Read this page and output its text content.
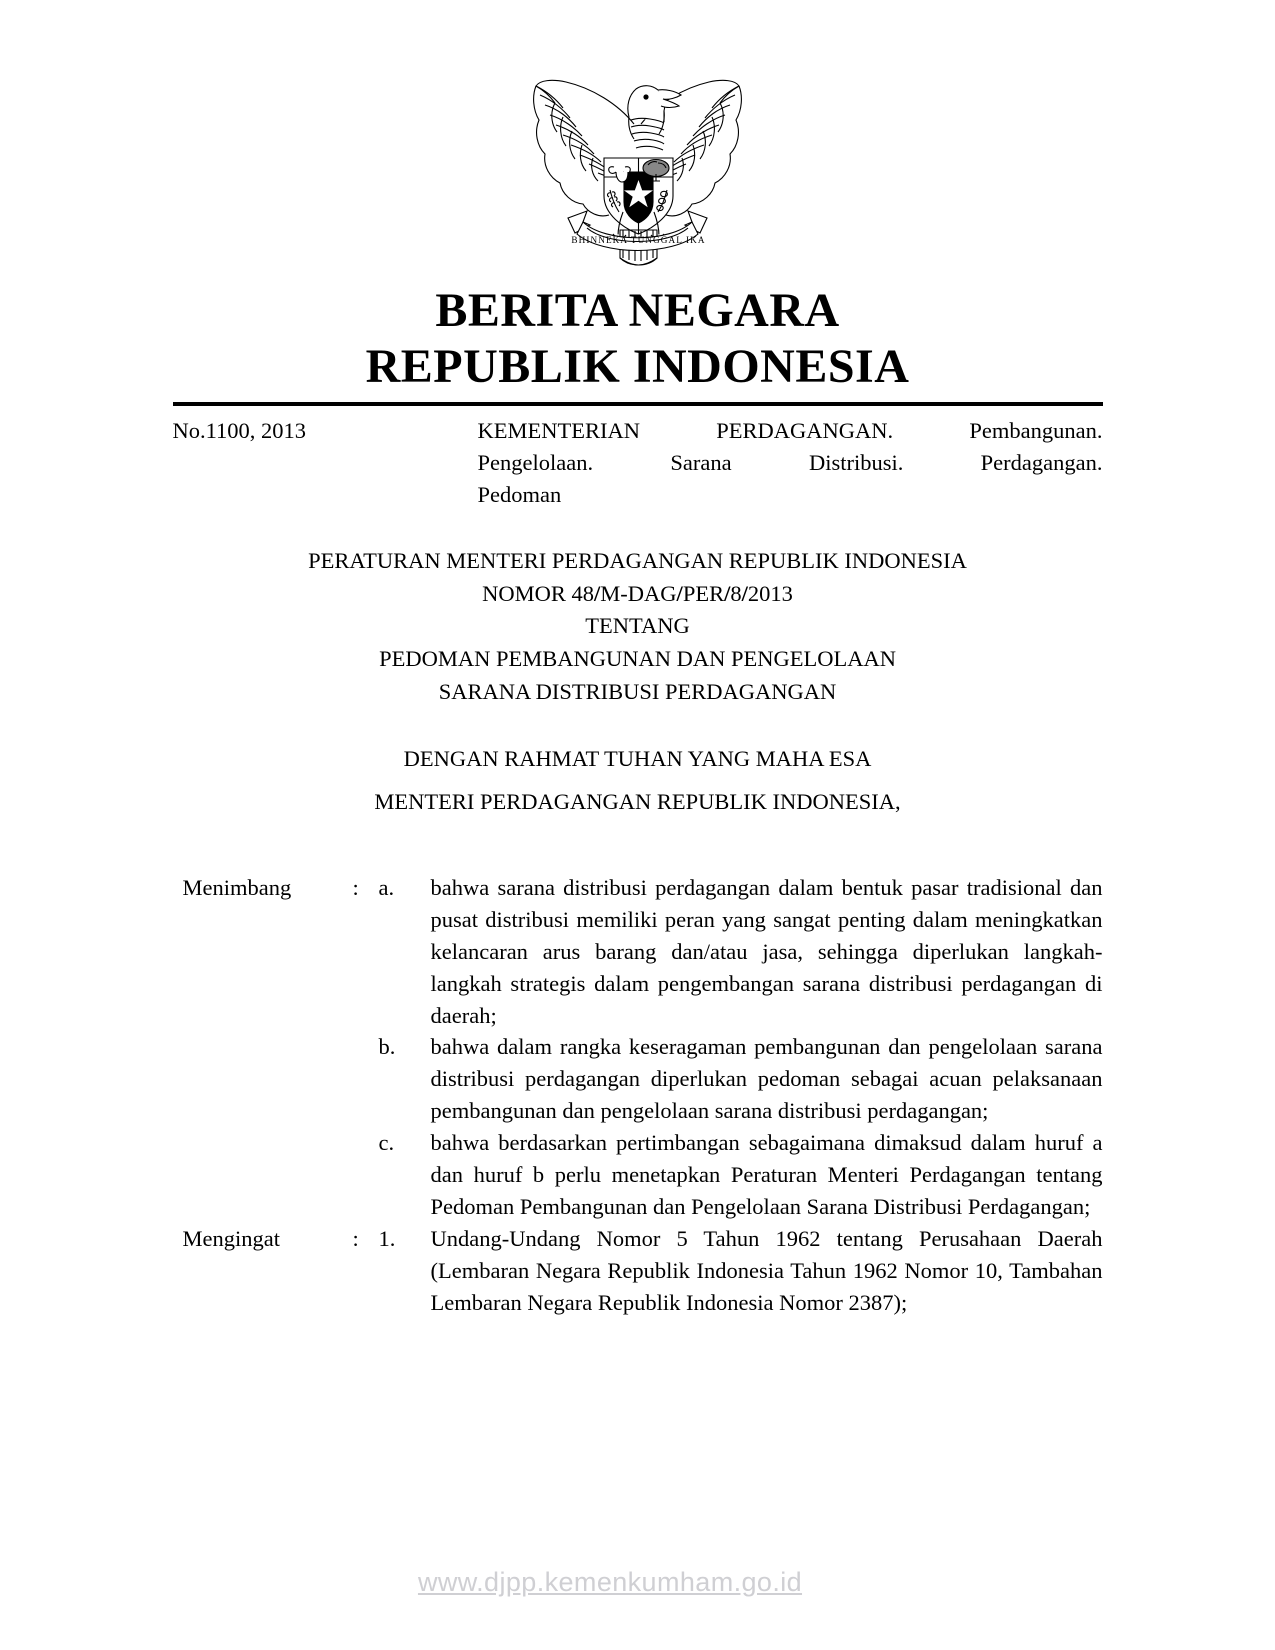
BHINNEKA TUNGGAL IKA
BERITA NEGARA
REPUBLIK INDONESIA
No.1100, 2013	KEMENTERIAN PERDAGANGAN. Pembangunan.
Pengelolaan. Sarana Distribusi. Perdagangan.
Pedoman
PERATURAN MENTERI PERDAGANGAN REPUBLIK INDONESIA
NOMOR 48/M-DAG/PER/8/2013
TENTANG
PEDOMAN PEMBANGUNAN DAN PENGELOLAAN
SARANA DISTRIBUSI PERDAGANGAN
DENGAN RAHMAT TUHAN YANG MAHA ESA
MENTERI PERDAGANGAN REPUBLIK INDONESIA,
Menimbang	: a.	bahwa sarana distribusi perdagangan dalam bentuk pasar tradisional dan pusat distribusi memiliki peran yang sangat penting dalam meningkatkan kelancaran arus barang dan/atau jasa, sehingga diperlukan langkah-langkah strategis dalam pengembangan sarana distribusi perdagangan di daerah;
b.	bahwa dalam rangka keseragaman pembangunan dan pengelolaan sarana distribusi perdagangan diperlukan pedoman sebagai acuan pelaksanaan pembangunan dan pengelolaan sarana distribusi perdagangan;
c.	bahwa berdasarkan pertimbangan sebagaimana dimaksud dalam huruf a dan huruf b perlu menetapkan Peraturan Menteri Perdagangan tentang Pedoman Pembangunan dan Pengelolaan Sarana Distribusi Perdagangan;
Mengingat	: 1.	Undang-Undang Nomor 5 Tahun 1962 tentang Perusahaan Daerah (Lembaran Negara Republik Indonesia Tahun 1962 Nomor 10, Tambahan Lembaran Negara Republik Indonesia Nomor 2387);
www.djpp.kemenkumham.go.id
